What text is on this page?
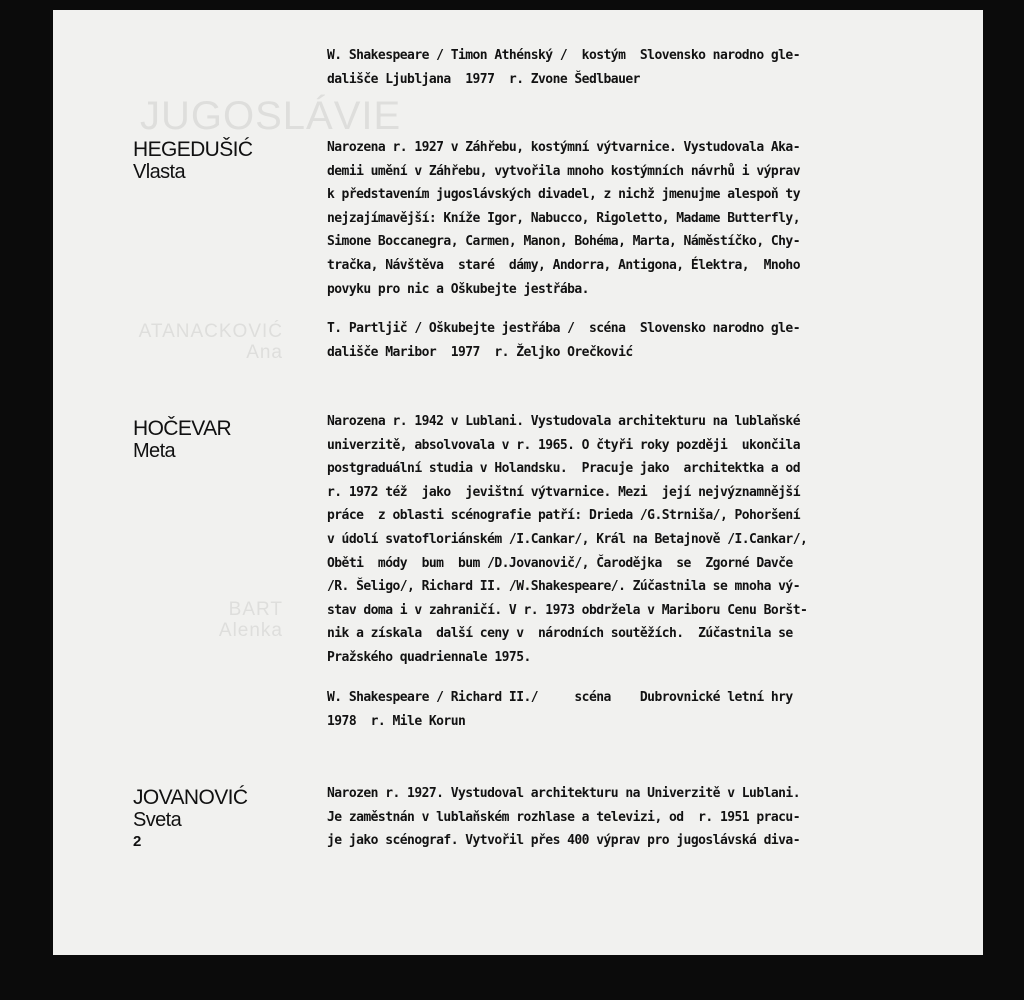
JUGOSLÁVIE
ATANACKOVIĆ
Ana
BART
Alenka
HEGEDUŠIĆ
Vlasta
HOČEVAR
Meta
JOVANOVIĆ
Sveta
2
W. Shakespeare / Timon Athénský /  kostým  Slovensko narodno gle-
dališče Ljubljana  1977  r. Zvone Šedlbauer
Narozena r. 1927 v Záhřebu, kostýmní výtvarnice. Vystudovala Aka-
demii umění v Záhřebu, vytvořila mnoho kostýmních návrhů i výprav
k představením jugoslávských divadel, z nichž jmenujme alespoň ty
nejzajímavější: Kníže Igor, Nabucco, Rigoletto, Madame Butterfly,
Simone Boccanegra, Carmen, Manon, Bohéma, Marta, Náměstíčko, Chy-
tračka, Návštěva  staré  dámy, Andorra, Antigona, Élektra,  Mnoho
povyku pro nic a Oškubejte jestřába.
T. Partljič / Oškubejte jestřába /  scéna  Slovensko narodno gle-
dališče Maribor  1977  r. Željko Orečković
Narozena r. 1942 v Lublani. Vystudovala architekturu na lublaňské
univerzitě, absolvovala v r. 1965. O čtyři roky později  ukončila
postgraduální studia v Holandsku.  Pracuje jako  architektka a od
r. 1972 též  jako  jevištní výtvarnice. Mezi  její nejvýznamnější
práce  z oblasti scénografie patří: Drieda /G.Strniša/, Pohoršení
v údolí svatofloriánském /I.Cankar/, Král na Betajnově /I.Cankar/,
Oběti  módy  bum  bum /D.Jovanovič/, Čarodějka  se  Zgorné Davče
/R. Šeligo/, Richard II. /W.Shakespeare/. Zúčastnila se mnoha vý-
stav doma i v zahraničí. V r. 1973 obdržela v Mariboru Cenu Boršt-
nik a získala  další ceny v  národních soutěžích.  Zúčastnila se
Pražského quadriennale 1975.
W. Shakespeare / Richard II./     scéna    Dubrovnické letní hry
1978  r. Mile Korun
Narozen r. 1927. Vystudoval architekturu na Univerzitě v Lublani.
Je zaměstnán v lublaňském rozhlase a televizi, od  r. 1951 pracu-
je jako scénograf. Vytvořil přes 400 výprav pro jugoslávská diva-
